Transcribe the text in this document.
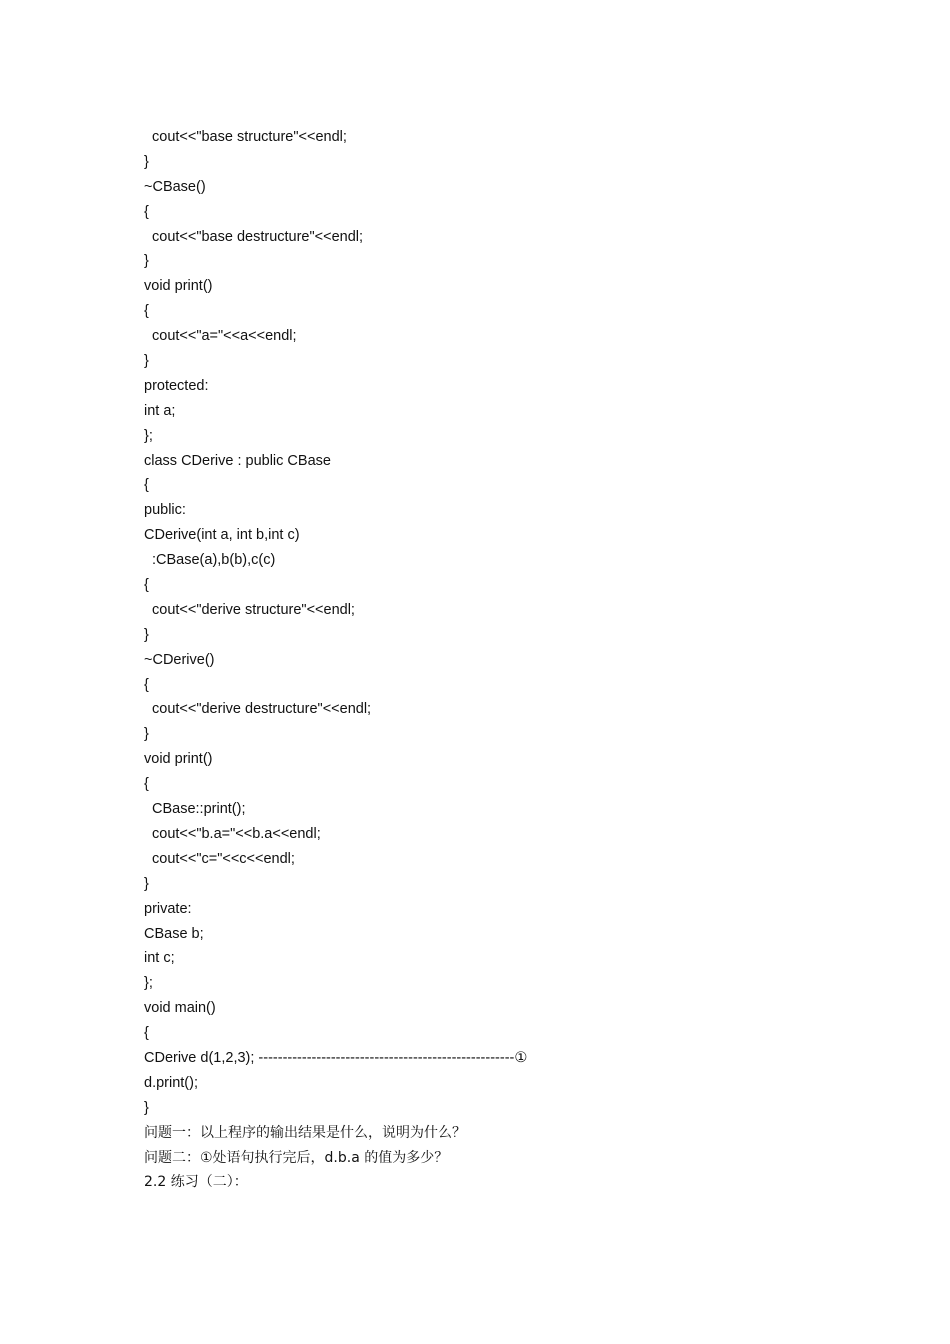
cout<<"base structure"<<endl;
}
~CBase()
{
cout<<"base destructure"<<endl;
}
void print()
{
cout<<"a="<<a<<endl;
}
protected:
int a;
};
class CDerive : public CBase
{
public:
CDerive(int a, int b,int c)
:CBase(a),b(b),c(c)
{
cout<<"derive structure"<<endl;
}
~CDerive()
{
cout<<"derive destructure"<<endl;
}
void print()
{
CBase::print();
cout<<"b.a="<<b.a<<endl;
cout<<"c="<<c<<endl;
}
private:
CBase b;
int c;
};
void main()
{
CDerive d(1,2,3); -----------------------------------------------------①
d.print();
}
问题一：以上程序的输出结果是什么，说明为什么？
问题二：①处语句执行完后，d.b.a 的值为多少？
2.2 练习（二）：
